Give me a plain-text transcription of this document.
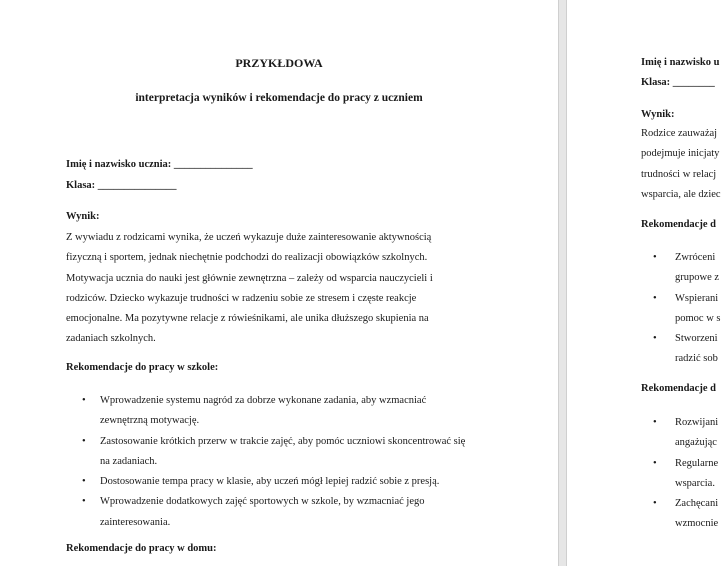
PRZYKŁDOWA
interpretacja wyników i rekomendacje do pracy z uczniem
Imię i nazwisko ucznia: _______________
Klasa: _______________
Wynik:
Z wywiadu z rodzicami wynika, że uczeń wykazuje duże zainteresowanie aktywnością
fizyczną i sportem, jednak niechętnie podchodzi do realizacji obowiązków szkolnych.
Motywacja ucznia do nauki jest głównie zewnętrzna – zależy od wsparcia nauczycieli i
rodziców. Dziecko wykazuje trudności w radzeniu sobie ze stresem i częste reakcje
emocjonalne. Ma pozytywne relacje z rówieśnikami, ale unika dłuższego skupienia na
zadaniach szkolnych.
Rekomendacje do pracy w szkole:
• Wprowadzenie systemu nagród za dobrze wykonane zadania, aby wzmacniać
zewnętrzną motywację.
• Zastosowanie krótkich przerw w trakcie zajęć, aby pomóc uczniowi skoncentrować się
na zadaniach.
• Dostosowanie tempa pracy w klasie, aby uczeń mógł lepiej radzić sobie z presją.
• Wprowadzenie dodatkowych zajęć sportowych w szkole, by wzmacniać jego
zainteresowania.
Rekomendacje do pracy w domu:
Imię i nazwisko u
Klasa: ________
Wynik:
Rodzice zauważaj
podejmuje inicjaty
trudności w relacj
wsparcia, ale dziec
Rekomendacje d
• Zwróceni
grupowe z
• Wspierani
pomoc w s
• Stworzeni
radzić sob
Rekomendacje d
• Rozwijani
angażując
• Regularne
wsparcia.
• Zachęcani
wzmocnie
